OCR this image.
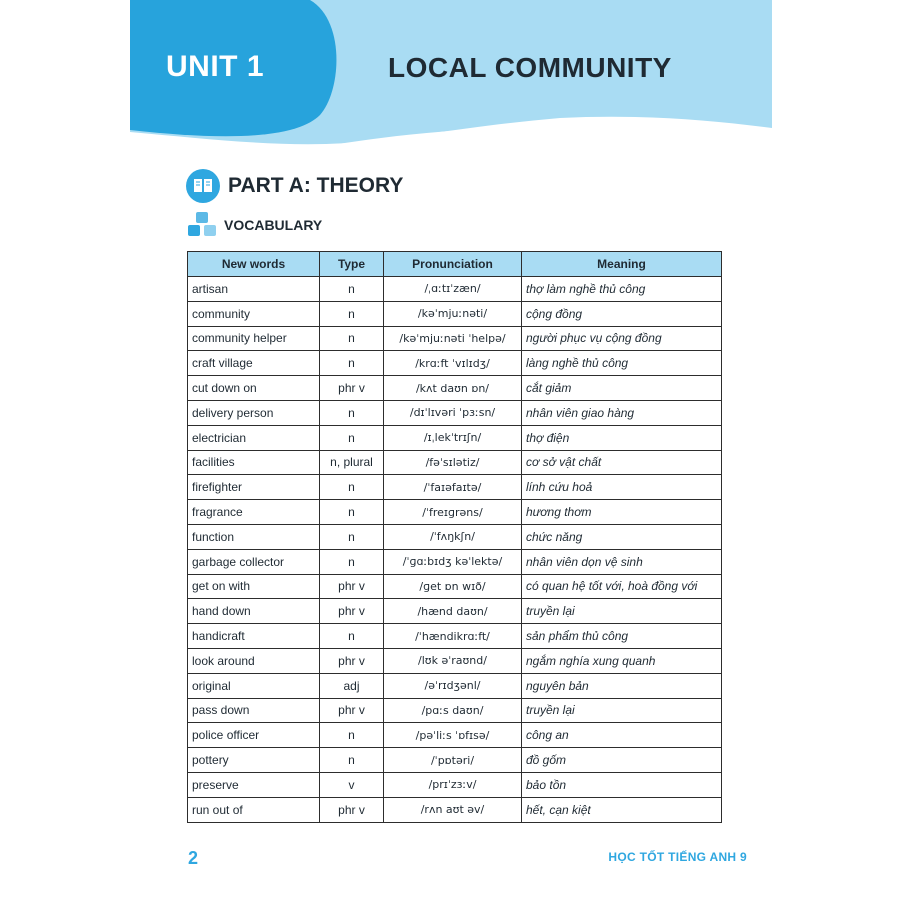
UNIT 1	LOCAL COMMUNITY
PART A: THEORY
VOCABULARY
New words	Type	Pronunciation	Meaning
artisan	n	/ˌɑːtɪˈzæn/	thợ làm nghề thủ công
community	n	/kəˈmjuːnəti/	cộng đồng
community helper	n	/kəˈmjuːnəti ˈhelpə/	người phục vụ cộng đồng
craft village	n	/krɑːft ˈvɪlɪdʒ/	làng nghề thủ công
cut down on	phr v	/kʌt daʊn ɒn/	cắt giảm
delivery person	n	/dɪˈlɪvəri ˈpɜːsn/	nhân viên giao hàng
electrician	n	/ɪˌlekˈtrɪʃn/	thợ điện
facilities	n, plural	/fəˈsɪlətiz/	cơ sở vật chất
firefighter	n	/ˈfaɪəfaɪtə/	lính cứu hoả
fragrance	n	/ˈfreɪɡrəns/	hương thơm
function	n	/ˈfʌŋkʃn/	chức năng
garbage collector	n	/ˈɡɑːbɪdʒ kəˈlektə/	nhân viên dọn vệ sinh
get on with	phr v	/ɡet ɒn wɪð/	có quan hệ tốt với, hoà đồng với
hand down	phr v	/hænd daʊn/	truyền lại
handicraft	n	/ˈhændikrɑːft/	sản phẩm thủ công
look around	phr v	/lʊk əˈraʊnd/	ngắm nghía xung quanh
original	adj	/əˈrɪdʒənl/	nguyên bản
pass down	phr v	/pɑːs daʊn/	truyền lại
police officer	n	/pəˈliːs ˈɒfɪsə/	công an
pottery	n	/ˈpɒtəri/	đồ gốm
preserve	v	/prɪˈzɜːv/	bảo tồn
run out of	phr v	/rʌn aʊt əv/	hết, cạn kiệt
2	HỌC TỐT TIẾNG ANH 9
